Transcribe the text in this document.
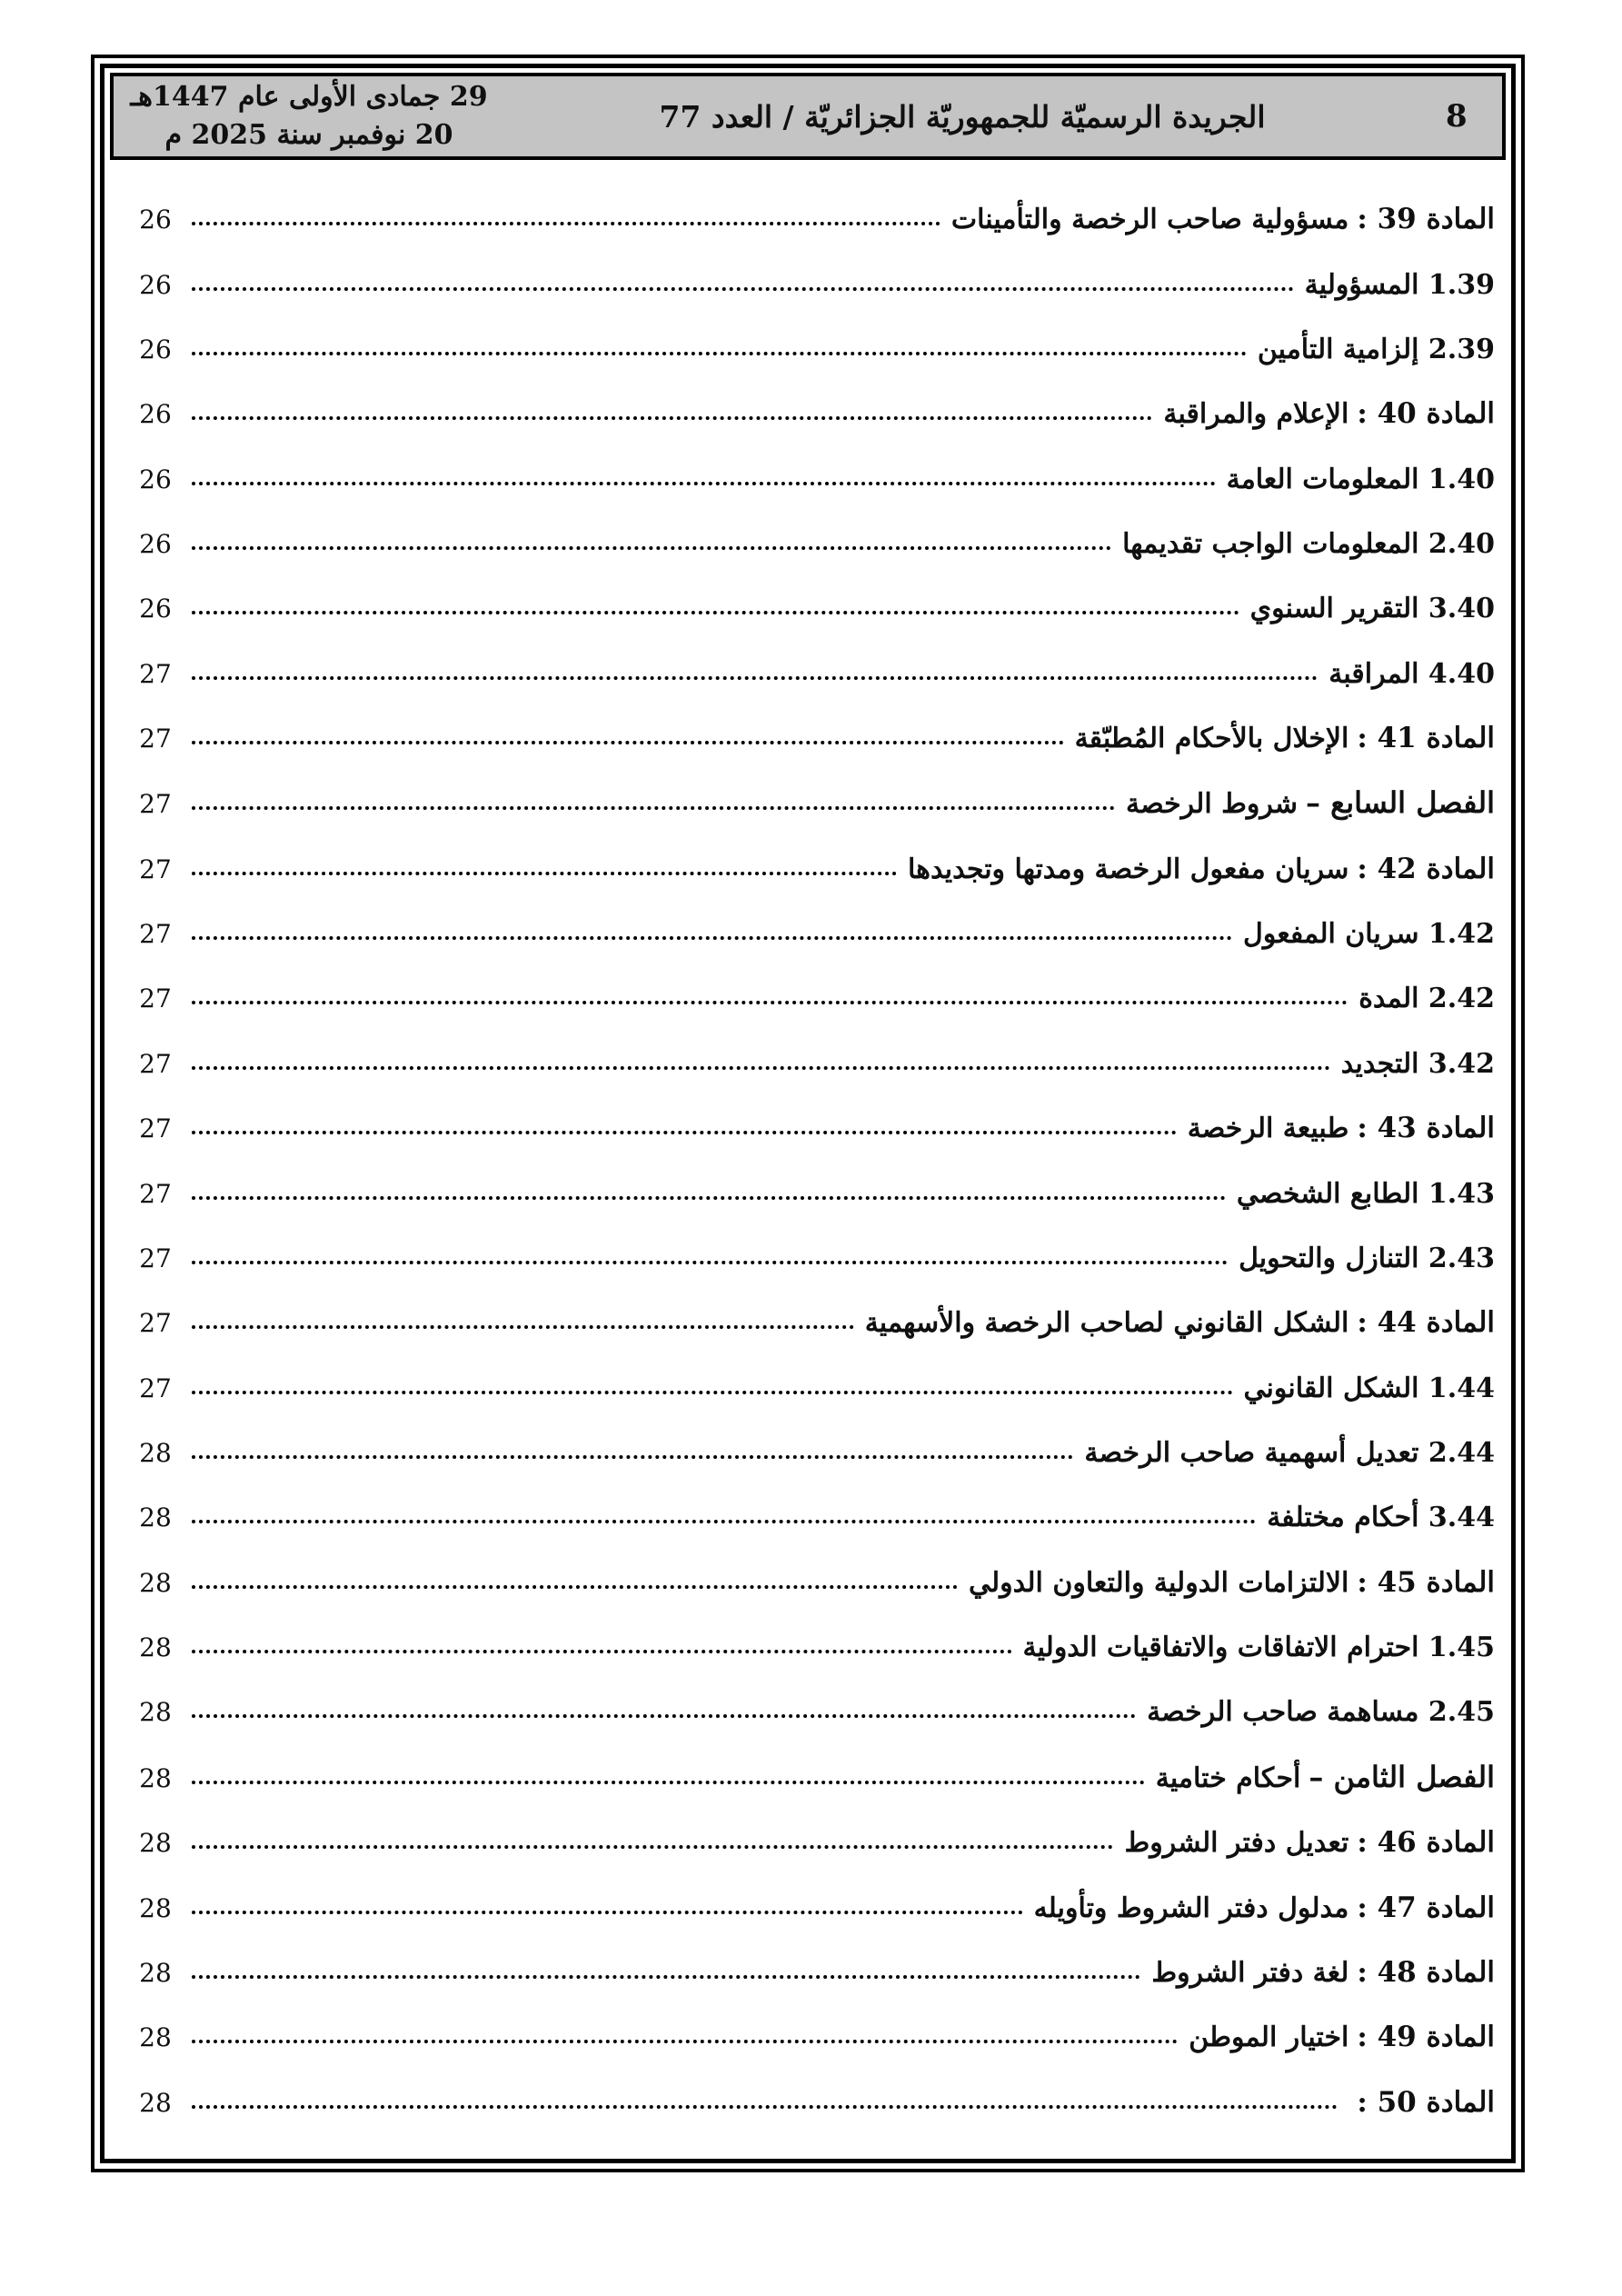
29 جمادى الأولى عام 1447هـ
20 نوفمبر سنة 2025 م
الجريدة الرسميّة للجمهوريّة الجزائريّة / العدد 77	8
المادة 39 :مسؤولية صاحب الرخصة والتأمينات
26
1.39 المسؤولية
26
2.39 إلزامية التأمين
26
المادة 40 :الإعلام والمراقبة
26
1.40 المعلومات العامة
26
2.40 المعلومات الواجب تقديمها
26
3.40 التقرير السنوي
26
4.40 المراقبة
27
المادة 41 :الإخلال بالأحكام المُطبّقة
27
الفصل السابع –شروط الرخصة
27
المادة 42 :سريان مفعول الرخصة ومدتها وتجديدها
27
1.42 سريان المفعول
27
2.42 المدة
27
3.42 التجديد
27
المادة 43 :طبيعة الرخصة
27
1.43 الطابع الشخصي
27
2.43 التنازل والتحويل
27
المادة 44 :الشكل القانوني لصاحب الرخصة والأسهمية
27
1.44 الشكل القانوني
27
2.44 تعديل أسهمية صاحب الرخصة
28
3.44 أحكام مختلفة
28
المادة 45 :الالتزامات الدولية والتعاون الدولي
28
1.45 احترام الاتفاقات والاتفاقيات الدولية
28
2.45 مساهمة صاحب الرخصة
28
الفصل الثامن –أحكام ختامية
28
المادة 46 :تعديل دفتر الشروط
28
المادة 47 :مدلول دفتر الشروط وتأويله
28
المادة 48 :لغة دفتر الشروط
28
المادة 49 :اختيار الموطن
28
المادة 50 :
28
